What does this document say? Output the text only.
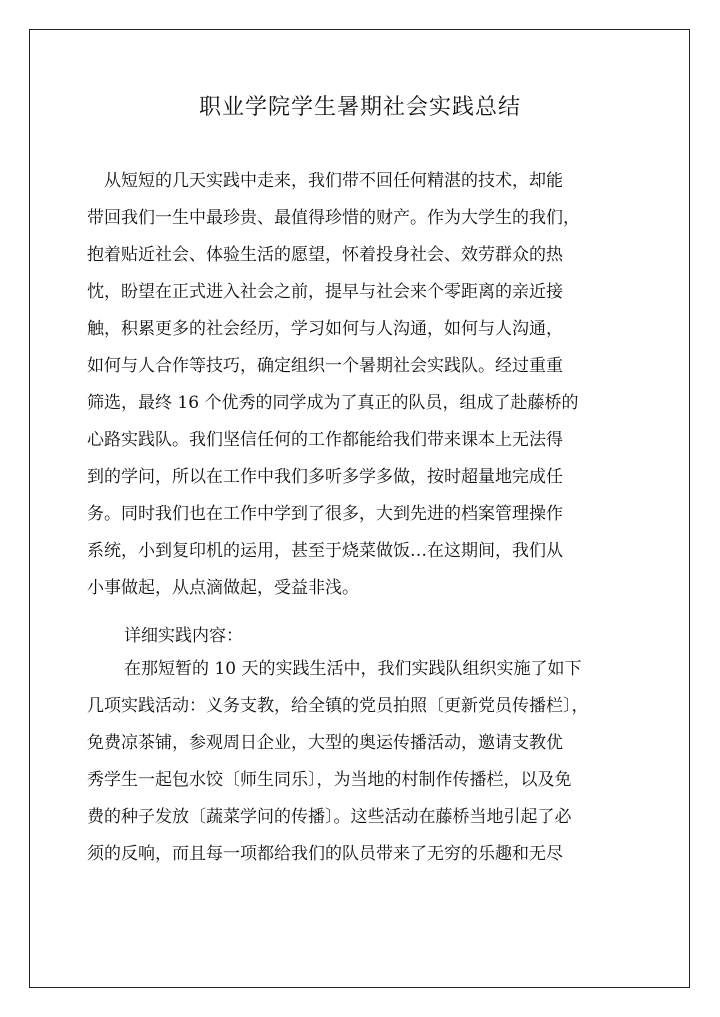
职业学院学生暑期社会实践总结

从短短的几天实践中走来，我们带不回任何精湛的技术，却能

带回我们一生中最珍贵、最值得珍惜的财产。作为大学生的我们，

抱着贴近社会、体验生活的愿望，怀着投身社会、效劳群众的热

忱，盼望在正式进入社会之前，提早与社会来个零距离的亲近接

触，积累更多的社会经历，学习如何与人沟通，如何与人沟通，

如何与人合作等技巧，确定组织一个暑期社会实践队。经过重重

筛选，最终 16 个优秀的同学成为了真正的队员，组成了赴藤桥的

心路实践队。我们坚信任何的工作都能给我们带来课本上无法得

到的学问，所以在工作中我们多听多学多做，按时超量地完成任

务。同时我们也在工作中学到了很多，大到先进的档案管理操作

系统，小到复印机的运用，甚至于烧菜做饭…在这期间，我们从

小事做起，从点滴做起，受益非浅。

详细实践内容：

在那短暂的 10 天的实践生活中，我们实践队组织实施了如下

几项实践活动：义务支教，给全镇的党员拍照〔更新党员传播栏〕，

免费凉茶铺，参观周日企业，大型的奥运传播活动，邀请支教优

秀学生一起包水饺〔师生同乐〕，为当地的村制作传播栏，以及免

费的种子发放〔蔬菜学问的传播〕。这些活动在藤桥当地引起了必

须的反响，而且每一项都给我们的队员带来了无穷的乐趣和无尽
